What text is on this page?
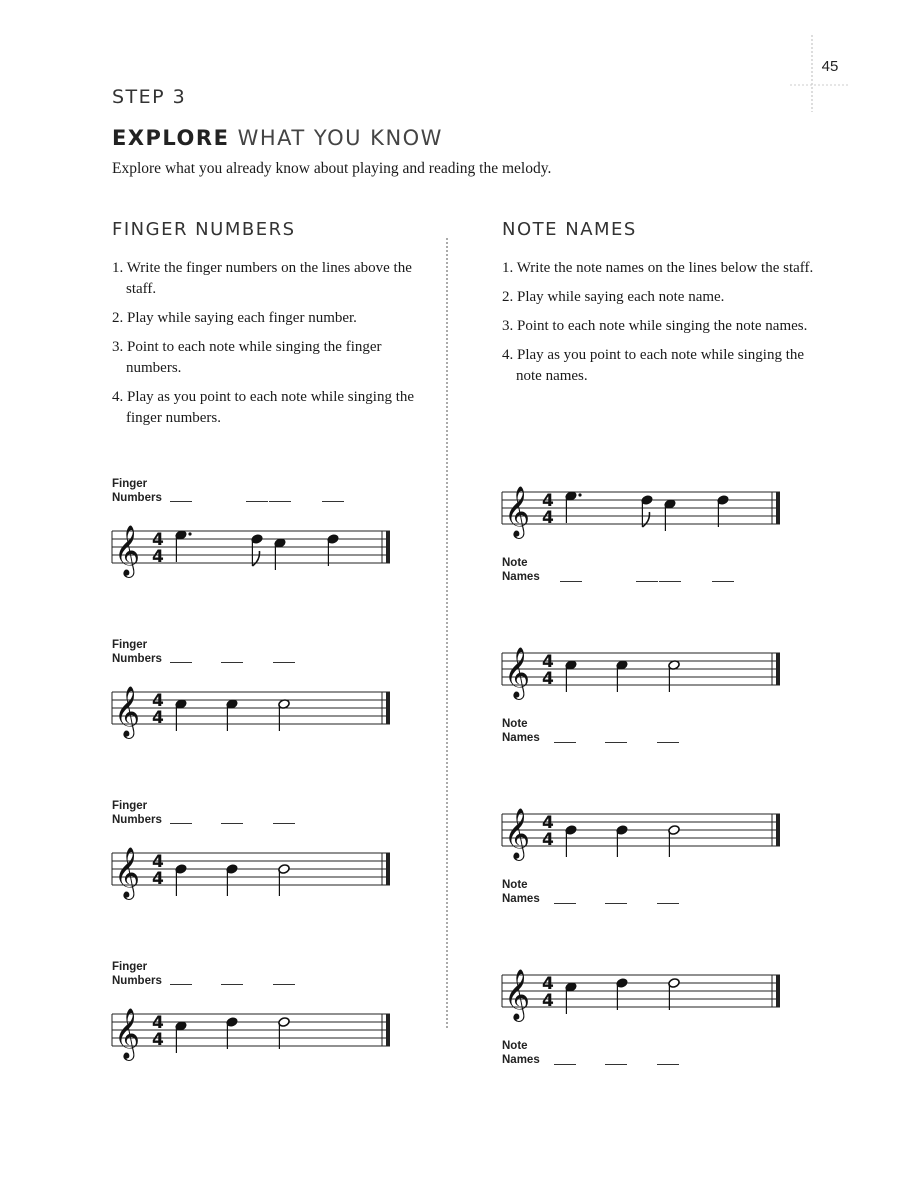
45
STEP 3
EXPLORE WHAT YOU KNOW
Explore what you already know about playing and reading the melody.
FINGER NUMBERS
1. Write the finger numbers on the lines above the staff.
2. Play while saying each finger number.
3. Point to each note while singing the finger numbers.
4. Play as you point to each note while singing the finger numbers.
NOTE NAMES
1. Write the note names on the lines below the staff.
2. Play while saying each note name.
3. Point to each note while singing the note names.
4. Play as you point to each note while singing the note names.
Finger
Numbers
𝄞 4
4
𝄞 4
4
Note
Names
Finger
Numbers
𝄞 4
4
𝄞 4
4
Note
Names
Finger
Numbers
𝄞 4
4
𝄞 4
4
Note
Names
Finger
Numbers
𝄞 4
4
𝄞 4
4
Note
Names
